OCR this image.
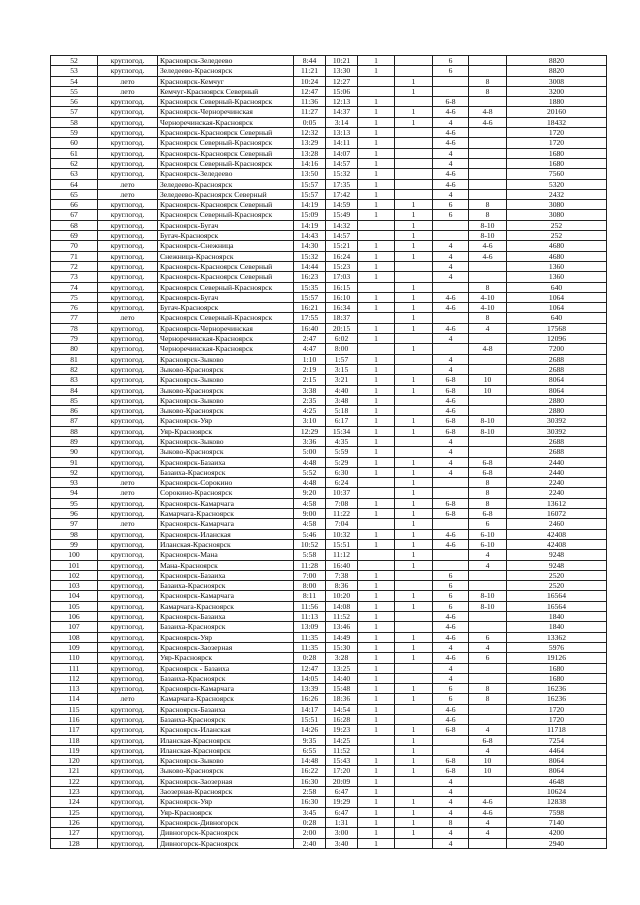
52	круглогод.	Красноярск-Зеледеево	8:44	10:21	1		6		8820
53	круглогод.	Зеледеево-Красноярск	11:21	13:30	1		6		8820
54	лето	Красноярск-Кемчуг	10:24	12:27		1		8	3008
55	лето	Кемчуг-Красноярск Северный	12:47	15:06		1		8	3200
56	круглогод.	Красноярск Северный-Красноярск	11:36	12:13	1		6-8		1880
57	круглогод.	Красноярск-Черноречинская	11:27	14:37	1	1	4-6	4-8	20160
58	круглогод.	Черноречинская-Красноярск	0:05	3:14	1	1	4	4-6	18432
59	круглогод.	Красноярск-Красноярск Северный	12:32	13:13	1		4-6		1720
60	круглогод.	Красноярск Северный-Красноярск	13:29	14:11	1		4-6		1720
61	круглогод.	Красноярск-Красноярск Северный	13:28	14:07	1		4		1680
62	круглогод.	Красноярск Северный-Красноярск	14:16	14:57	1		4		1680
63	круглогод.	Красноярск-Зеледеево	13:50	15:32	1		4-6		7560
64	лето	Зеледеево-Красноярск	15:57	17:35	1		4-6		5320
65	лето	Зеледеево-Красноярск Северный	15:57	17:42	1		4		2432
66	круглогод.	Красноярск-Красноярск Северный	14:19	14:59	1	1	6	8	3080
67	круглогод.	Красноярск Северный-Красноярск	15:09	15:49	1	1	6	8	3080
68	круглогод.	Красноярск-Бугач	14:19	14:32		1		8-10	252
69	круглогод.	Бугач-Красноярск	14:43	14:57		1		8-10	252
70	круглогод.	Красноярск-Снежница	14:30	15:21	1	1	4	4-6	4680
71	круглогод.	Снежница-Красноярск	15:32	16:24	1	1	4	4-6	4680
72	круглогод.	Красноярск-Красноярск Северный	14:44	15:23	1		4		1360
73	круглогод.	Красноярск-Красноярск Северный	16:23	17:03	1		4		1360
74	круглогод.	Красноярск Северный-Красноярск	15:35	16:15		1		8	640
75	круглогод.	Красноярск-Бугач	15:57	16:10	1	1	4-6	4-10	1064
76	круглогод.	Бугач-Красноярск	16:21	16:34	1	1	4-6	4-10	1064
77	лето	Красноярск Северный-Красноярск	17:55	18:37		1		8	640
78	круглогод.	Красноярск-Черноречинская	16:40	20:15	1	1	4-6	4	17568
79	круглогод.	Черноречинская-Красноярск	2:47	6:02	1		4		12096
80	круглогод.	Черноречинская-Красноярск	4:47	8:00		1		4-8	7200
81	круглогод.	Красноярск-Зыково	1:10	1:57	1		4		2688
82	круглогод.	Зыково-Красноярск	2:19	3:15	1		4		2688
83	круглогод.	Красноярск-Зыково	2:15	3:21	1	1	6-8	10	8064
84	круглогод.	Зыково-Красноярск	3:38	4:40	1	1	6-8	10	8064
85	круглогод.	Красноярск-Зыково	2:35	3:48	1		4-6		2880
86	круглогод.	Зыково-Красноярск	4:25	5:18	1		4-6		2880
87	круглогод.	Красноярск-Уяр	3:10	6:17	1	1	6-8	8-10	30392
88	круглогод.	Уяр-Красноярск	12:29	15:34	1	1	6-8	8-10	30392
89	круглогод.	Красноярск-Зыково	3:36	4:35	1		4		2688
90	круглогод.	Зыково-Красноярск	5:00	5:59	1		4		2688
91	круглогод.	Красноярск-Базаиха	4:48	5:29	1	1	4	6-8	2440
92	круглогод.	Базаиха-Красноярск	5:52	6:30	1	1	4	6-8	2440
93	лето	Красноярск-Сорокино	4:48	6:24		1		8	2240
94	лето	Сорокино-Красноярск	9:20	10:37		1		8	2240
95	круглогод.	Красноярск-Камарчага	4:58	7:08	1	1	6-8	8	13612
96	круглогод.	Камарчага-Красноярск	9:00	11:22	1	1	6-8	6-8	16072
97	лето	Красноярск-Камарчага	4:58	7:04		1		6	2460
98	круглогод.	Красноярск-Иланская	5:46	10:32	1	1	4-6	6-10	42408
99	круглогод.	Иланская-Красноярск	10:52	15:51	1	1	4-6	6-10	42408
100	круглогод.	Красноярск-Мана	5:58	11:12		1		4	9248
101	круглогод.	Мана-Красноярск	11:28	16:40		1		4	9248
102	круглогод.	Красноярск-Базаиха	7:00	7:38	1		6		2520
103	круглогод.	Базаиха-Красноярск	8:00	8:36	1		6		2520
104	круглогод.	Красноярск-Камарчага	8:11	10:20	1	1	6	8-10	16564
105	круглогод.	Камарчага-Красноярск	11:56	14:08	1	1	6	8-10	16564
106	круглогод.	Красноярск-Базаиха	11:13	11:52	1		4-6		1840
107	круглогод.	Базаиха-Красноярск	13:09	13:46	1		4-6		1840
108	круглогод.	Красноярск-Уяр	11:35	14:49	1	1	4-6	6	13362
109	круглогод.	Красноярск-Заозерная	11:35	15:30	1	1	4	4	5976
110	круглогод.	Уяр-Красноярск	0:28	3:28	1	1	4-6	6	19126
111	круглогод.	Красноярск - Базаиха	12:47	13:25	1		4		1680
112	круглогод.	Базаиха-Красноярск	14:05	14:40	1		4		1680
113	круглогод.	Красноярск-Камарчага	13:39	15:48	1	1	6	8	16236
114	лето	Камарчага-Красноярск	16:26	18:36	1	1	6	8	16236
115	круглогод.	Красноярск-Базаиха	14:17	14:54	1		4-6		1720
116	круглогод.	Базаиха-Красноярск	15:51	16:28	1		4-6		1720
117	круглогод.	Красноярск-Иланская	14:26	19:23	1	1	6-8	4	11718
118	круглогод.	Иланская-Красноярск	9:35	14:25		1		6-8	7254
119	круглогод.	Иланская-Красноярск	6:55	11:52		1		4	4464
120	круглогод.	Красноярск-Зыково	14:48	15:43	1	1	6-8	10	8064
121	круглогод.	Зыково-Красноярск	16:22	17:20	1	1	6-8	10	8064
122	круглогод.	Красноярск-Заозерная	16:30	20:09	1		4		4648
123	круглогод.	Заозерная-Красноярск	2:58	6:47	1		4		10624
124	круглогод.	Красноярск-Уяр	16:30	19:29	1	1	4	4-6	12838
125	круглогод.	Уяр-Красноярск	3:45	6:47	1	1	4	4-6	7598
126	круглогод.	Красноярск-Дивногорск	0:28	1:31	1	1	8	4	7140
127	круглогод.	Дивногорск-Красноярск	2:00	3:00	1	1	4	4	4200
128	круглогод.	Дивногорск-Красноярск	2:40	3:40	1		4		2940
